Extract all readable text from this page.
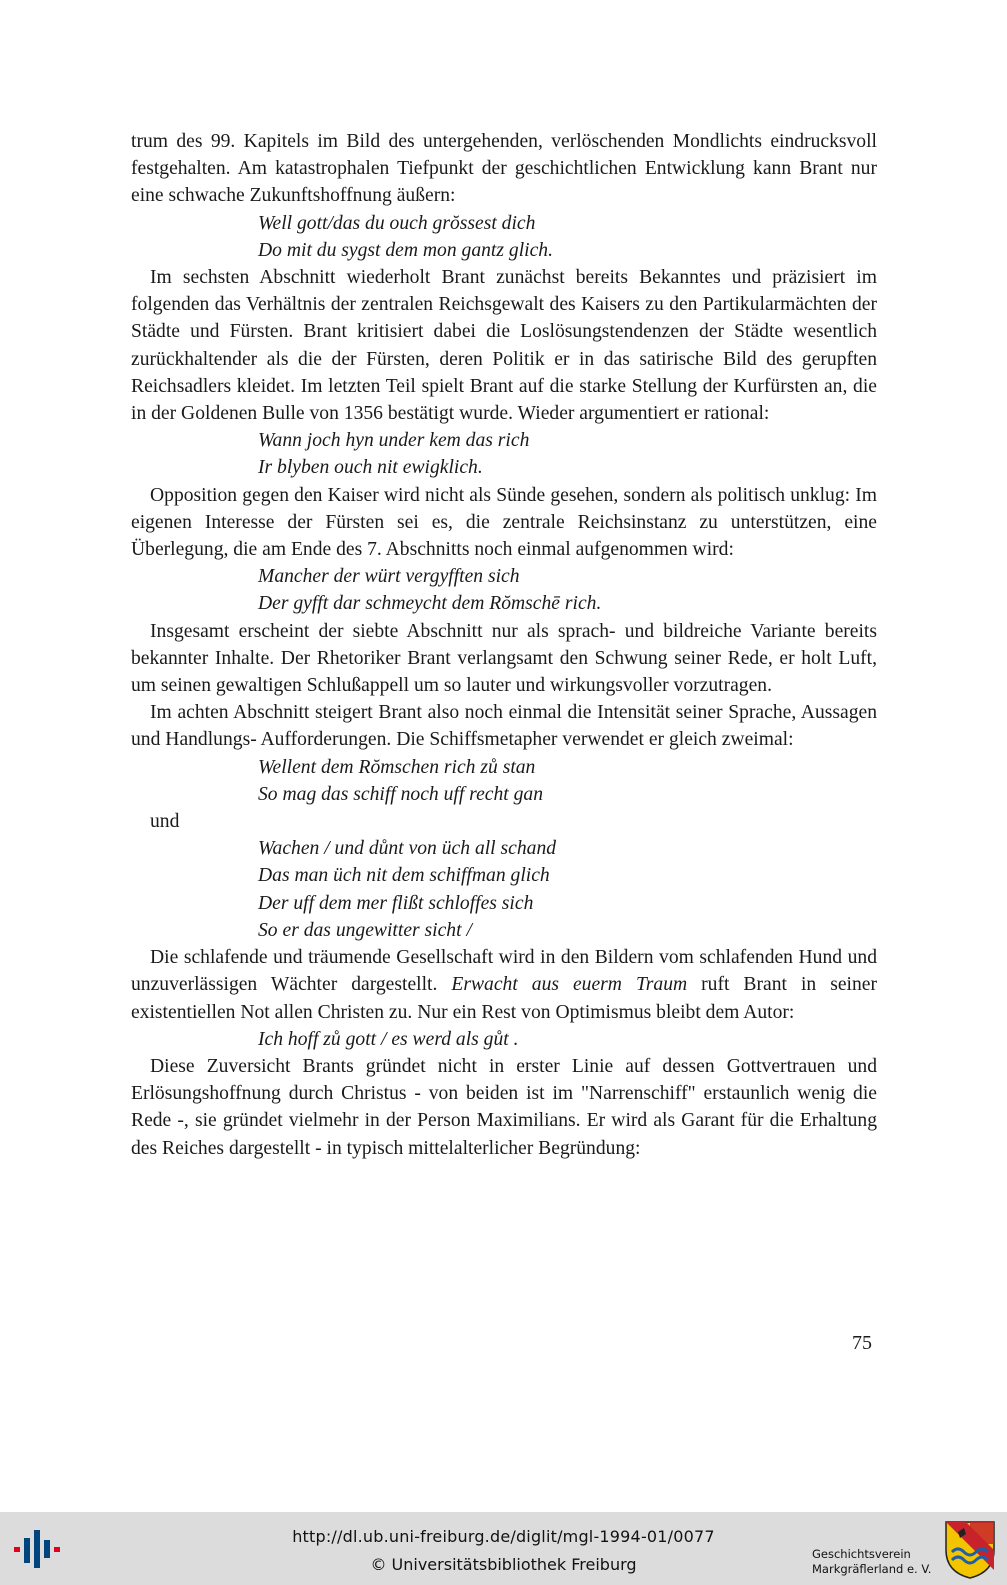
trum des 99. Kapitels im Bild des untergehenden, verlöschenden Mondlichts eindrucksvoll festgehalten. Am katastrophalen Tiefpunkt der geschichtlichen Entwicklung kann Brant nur eine schwache Zukunftshoffnung äußern:

Well gott/das du ouch grŏssest dich
Do mit du sygst dem mon gantz glich.

Im sechsten Abschnitt wiederholt Brant zunächst bereits Bekanntes und präzisiert im folgenden das Verhältnis der zentralen Reichsgewalt des Kaisers zu den Partikularmächten der Städte und Fürsten. Brant kritisiert dabei die Loslösungstendenzen der Städte wesentlich zurückhaltender als die der Fürsten, deren Politik er in das satirische Bild des gerupften Reichsadlers kleidet. Im letzten Teil spielt Brant auf die starke Stellung der Kurfürsten an, die in der Goldenen Bulle von 1356 bestätigt wurde. Wieder argumentiert er rational:

Wann joch hyn under kem das rich
Ir blyben ouch nit ewigklich.

Opposition gegen den Kaiser wird nicht als Sünde gesehen, sondern als politisch unklug: Im eigenen Interesse der Fürsten sei es, die zentrale Reichsinstanz zu unterstützen, eine Überlegung, die am Ende des 7. Abschnitts noch einmal aufgenommen wird:

Mancher der würt vergyfften sich
Der gyfft dar schmeycht dem Rŏmschē rich.

Insgesamt erscheint der siebte Abschnitt nur als sprach- und bildreiche Variante bereits bekannter Inhalte. Der Rhetoriker Brant verlangsamt den Schwung seiner Rede, er holt Luft, um seinen gewaltigen Schlußappell um so lauter und wirkungsvoller vorzutragen.

Im achten Abschnitt steigert Brant also noch einmal die Intensität seiner Sprache, Aussagen und Handlungs- Aufforderungen. Die Schiffsmetapher verwendet er gleich zweimal:

Wellent dem Rŏmschen rich zů stan
So mag das schiff noch uff recht gan

und

Wachen / und důnt von üch all schand
Das man üch nit dem schiffman glich
Der uff dem mer flißt schloffes sich
So er das ungewitter sicht /

Die schlafende und träumende Gesellschaft wird in den Bildern vom schlafenden Hund und unzuverlässigen Wächter dargestellt. Erwacht aus euerm Traum ruft Brant in seiner existentiellen Not allen Christen zu. Nur ein Rest von Optimismus bleibt dem Autor:

Ich hoff zů gott / es werd als gůt .

Diese Zuversicht Brants gründet nicht in erster Linie auf dessen Gottvertrauen und Erlösungshoffnung durch Christus - von beiden ist im "Narrenschiff" erstaunlich wenig die Rede -, sie gründet vielmehr in der Person Maximilians. Er wird als Garant für die Erhaltung des Reiches dargestellt - in typisch mittelalterlicher Begründung:

75
http://dl.ub.uni-freiburg.de/diglit/mgl-1994-01/0077
© Universitätsbibliothek Freiburg
Geschichtsverein
Markgräflerland e. V.
